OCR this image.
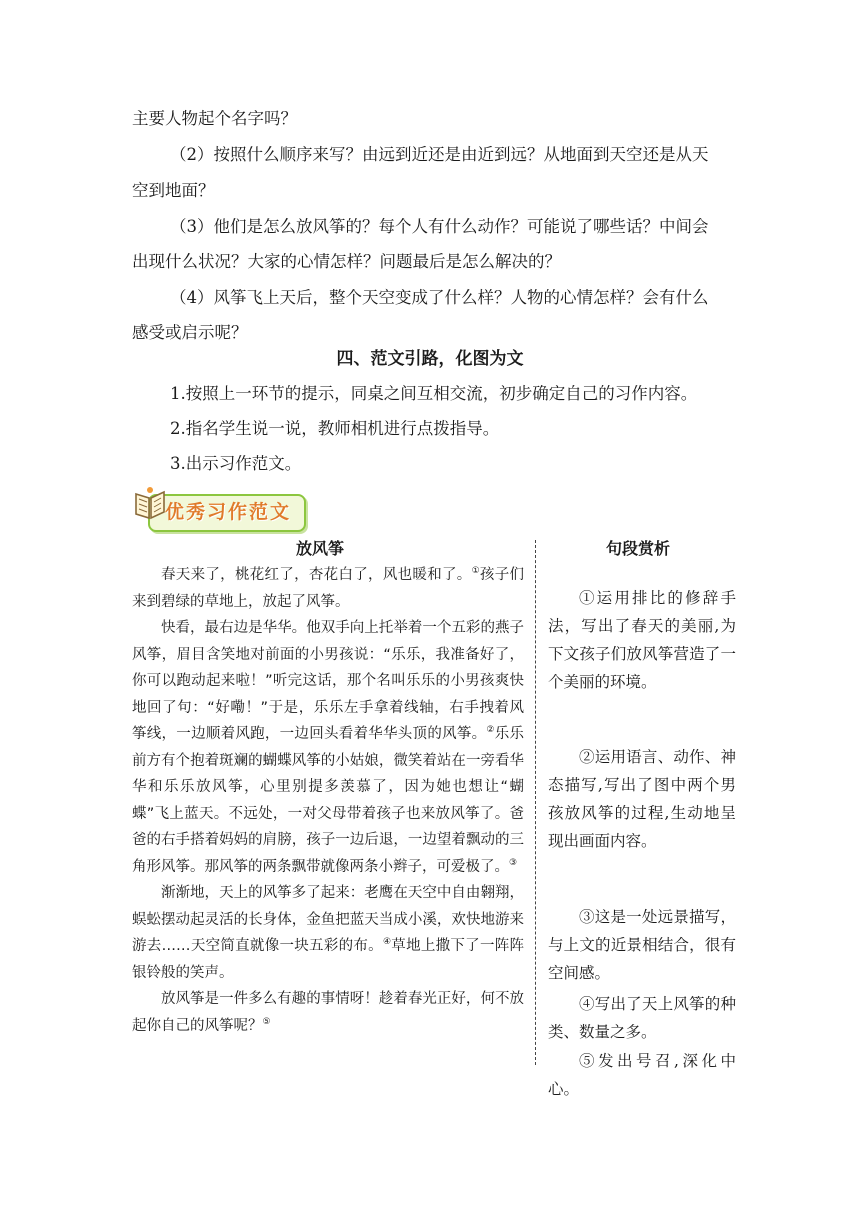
主要人物起个名字吗？
（2）按照什么顺序来写？由远到近还是由近到远？从地面到天空还是从天
空到地面？
（3）他们是怎么放风筝的？每个人有什么动作？可能说了哪些话？中间会
出现什么状况？大家的心情怎样？问题最后是怎么解决的？
（4）风筝飞上天后，整个天空变成了什么样？人物的心情怎样？会有什么
感受或启示呢？
四、范文引路，化图为文
1.按照上一环节的提示，同桌之间互相交流，初步确定自己的习作内容。
2.指名学生说一说，教师相机进行点拨指导。
3.出示习作范文。
优秀习作范文
放风筝

春天来了，桃花红了，杏花白了，风也暖和了。①孩子们来到碧绿的草地上，放起了风筝。

快看，最右边是华华。他双手向上托举着一个五彩的燕子风筝，眉目含笑地对前面的小男孩说：“乐乐，我准备好了，你可以跑动起来啦！”听完这话，那个名叫乐乐的小男孩爽快地回了句：“好嘞！”于是，乐乐左手拿着线轴，右手拽着风筝线，一边顺着风跑，一边回头看着华华头顶的风筝。②乐乐前方有个抱着斑斓的蝴蝶风筝的小姑娘，微笑着站在一旁看华华和乐乐放风筝，心里别提多羡慕了，因为她也想让“蝴蝶”飞上蓝天。不远处，一对父母带着孩子也来放风筝了。爸爸的右手搭着妈妈的肩膀，孩子一边后退，一边望着飘动的三角形风筝。那风筝的两条飘带就像两条小辫子，可爱极了。③

渐渐地，天上的风筝多了起来：老鹰在天空中自由翱翔，蜈蚣摆动起灵活的长身体，金鱼把蓝天当成小溪，欢快地游来游去……天空简直就像一块五彩的布。④草地上撒下了一阵阵银铃般的笑声。

放风筝是一件多么有趣的事情呀！趁着春光正好，何不放起你自己的风筝呢？⑤

句段赏析

①运用排比的修辞手法，写出了春天的美丽,为下文孩子们放风筝营造了一个美丽的环境。

②运用语言、动作、神态描写,写出了图中两个男孩放风筝的过程,生动地呈现出画面内容。

③这是一处远景描写，与上文的近景相结合，很有空间感。

④写出了天上风筝的种类、数量之多。

⑤发出号召,深化中心。
